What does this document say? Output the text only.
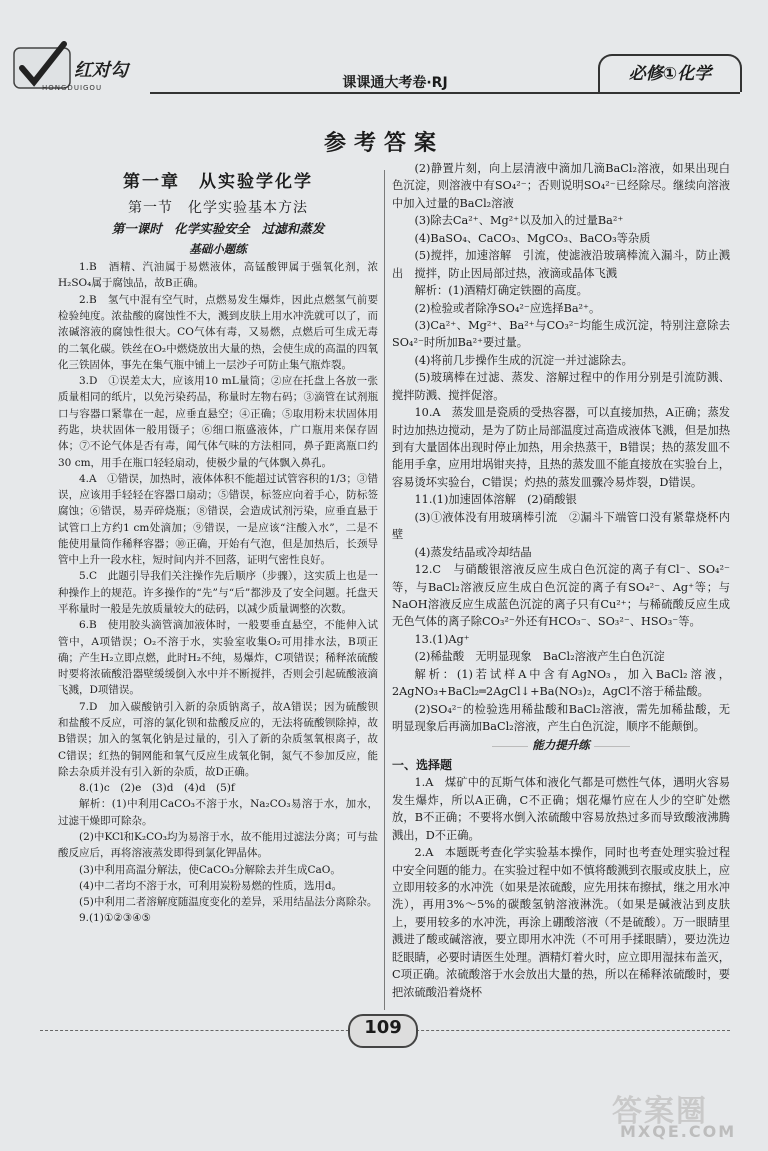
红对勾
HONGDUIGOU	课课通大考卷·RJ	必修①化学
参考答案
第一章　从实验学化学
第一节　化学实验基本方法
第一课时　化学实验安全　过滤和蒸发
基础小题练

1.B　酒精、汽油属于易燃液体，高锰酸钾属于强氧化剂，浓H₂SO₄属于腐蚀品，故B正确。

2.B　氢气中混有空气时，点燃易发生爆炸，因此点燃氢气前要检验纯度。浓盐酸的腐蚀性不大，溅到皮肤上用水冲洗就可以了，而浓碱溶液的腐蚀性很大。CO气体有毒，又易燃，点燃后可生成无毒的二氧化碳。铁丝在O₂中燃烧放出大量的热，会使生成的高温的四氧化三铁固体，事先在集气瓶中铺上一层沙子可防止集气瓶炸裂。

3.D　①误差太大，应该用10 mL量筒；②应在托盘上各放一张质量相同的纸片，以免污染药品，称量时左物右码；③滴管在试剂瓶口与容器口紧靠在一起，应垂直悬空；④正确；⑤取用粉末状固体用药匙，块状固体一般用镊子；⑥细口瓶盛液体，广口瓶用来保存固体；⑦不论气体是否有毒，闻气体气味的方法相同，鼻子距离瓶口约30 cm，用手在瓶口轻轻扇动，使极少量的气体飘入鼻孔。

4.A　①错误，加热时，液体体积不能超过试管容积的1/3；③错误，应该用手轻轻在容器口扇动；⑤错误，标签应向着手心，防标签腐蚀；⑥错误，易弄碎烧瓶；⑧错误，会造成试剂污染，应垂直悬于试管口上方约1 cm处滴加；⑨错误，一是应该“注酸入水”，二是不能使用量筒作稀释容器；⑩正确，开始有气泡，但是加热后，长颈导管中上升一段水柱，短时间内并不回落，证明气密性良好。

5.C　此题引导我们关注操作先后顺序（步骤），这实质上也是一种操作上的规范。许多操作的“先”与“后”都涉及了安全问题。托盘天平称量时一般是先放质量较大的砝码，以减少质量调整的次数。

6.B　使用胶头滴管滴加液体时，一般要垂直悬空，不能伸入试管中，A项错误；O₂不溶于水，实验室收集O₂可用排水法，B项正确；产生H₂立即点燃，此时H₂不纯，易爆炸，C项错误；稀释浓硫酸时要将浓硫酸沿器壁缓缓倒入水中并不断搅拌，否则会引起硫酸液滴飞溅，D项错误。

7.D　加入碳酸钠引入新的杂质钠离子，故A错误；因为硫酸钡和盐酸不反应，可溶的氯化钡和盐酸反应的，无法将硫酸钡除掉，故B错误；加入的氢氧化钠是过量的，引入了新的杂质氢氧根离子，故C错误；红热的铜网能和氧气反应生成氧化铜，氮气不参加反应，能除去杂质并没有引入新的杂质，故D正确。

8.(1)c　(2)e　(3)d　(4)d　(5)f

解析：(1)中利用CaCO₃不溶于水，Na₂CO₃易溶于水，加水，过滤干燥即可除杂。

(2)中KCl和K₂CO₃均为易溶于水，故不能用过滤法分离；可与盐酸反应后，再将溶液蒸发即得到氯化钾晶体。

(3)中利用高温分解法，使CaCO₃分解除去并生成CaO。

(4)中二者均不溶于水，可利用炭粉易燃的性质，选用d。

(5)中利用二者溶解度随温度变化的差异，采用结晶法分离除杂。

9.(1)①②③④⑤

(2)静置片刻，向上层清液中滴加几滴BaCl₂溶液，如果出现白色沉淀，则溶液中有SO₄²⁻；否则说明SO₄²⁻已经除尽。继续向溶液中加入过量的BaCl₂溶液

(3)除去Ca²⁺、Mg²⁺以及加入的过量Ba²⁺

(4)BaSO₄、CaCO₃、MgCO₃、BaCO₃等杂质

(5)搅拌，加速溶解　引流，使滤液沿玻璃棒流入漏斗，防止溅出　搅拌，防止因局部过热，液滴或晶体飞溅

解析：(1)酒精灯确定铁圈的高度。

(2)检验或者除净SO₄²⁻应选择Ba²⁺。

(3)Ca²⁺、Mg²⁺、Ba²⁺与CO₃²⁻均能生成沉淀，特别注意除去SO₄²⁻时所加Ba²⁺要过量。

(4)将前几步操作生成的沉淀一并过滤除去。

(5)玻璃棒在过滤、蒸发、溶解过程中的作用分别是引流防溅、搅拌防溅、搅拌促溶。

10.A　蒸发皿是瓷质的受热容器，可以直接加热，A正确；蒸发时边加热边搅动，是为了防止局部温度过高造成液体飞溅，但是加热到有大量固体出现时停止加热，用余热蒸干，B错误；热的蒸发皿不能用手拿，应用坩埚钳夹持，且热的蒸发皿不能直接放在实验台上，容易烫坏实验台，C错误；灼热的蒸发皿骤冷易炸裂，D错误。

11.(1)加速固体溶解　(2)硝酸银

(3)①液体没有用玻璃棒引流　②漏斗下端管口没有紧靠烧杯内壁

(4)蒸发结晶或冷却结晶

12.C　与硝酸银溶液反应生成白色沉淀的离子有Cl⁻、SO₄²⁻等，与BaCl₂溶液反应生成白色沉淀的离子有SO₄²⁻、Ag⁺等；与NaOH溶液反应生成蓝色沉淀的离子只有Cu²⁺；与稀硫酸反应生成无色气体的离子除CO₃²⁻外还有HCO₃⁻、SO₃²⁻、HSO₃⁻等。

13.(1)Ag⁺

(2)稀盐酸　无明显现象　BaCl₂溶液产生白色沉淀

解析：(1)若试样A中含有AgNO₃，加入BaCl₂溶液，2AgNO₃+BaCl₂═2AgCl↓+Ba(NO₃)₂，AgCl不溶于稀盐酸。

(2)SO₄²⁻的检验选用稀盐酸和BaCl₂溶液，需先加稀盐酸，无明显现象后再滴加BaCl₂溶液，产生白色沉淀，顺序不能颠倒。

能力提升练

一、选择题

1.A　煤矿中的瓦斯气体和液化气都是可燃性气体，遇明火容易发生爆炸，所以A正确，C不正确；烟花爆竹应在人少的空旷处燃放，B不正确；不要将水倒入浓硫酸中容易放热过多而导致酸液沸腾溅出，D不正确。

2.A　本题既考查化学实验基本操作，同时也考查处理实验过程中安全问题的能力。在实验过程中如不慎将酸溅到衣服或皮肤上，应立即用较多的水冲洗（如果是浓硫酸，应先用抹布擦拭，继之用水冲洗），再用3%～5%的碳酸氢钠溶液淋洗。（如果是碱液沾到皮肤上，要用较多的水冲洗，再涂上硼酸溶液（不是硫酸）。万一眼睛里溅进了酸或碱溶液，要立即用水冲洗（不可用手揉眼睛），要边洗边眨眼睛，必要时请医生处理。酒精灯着火时，应立即用湿抹布盖灭，C项正确。浓硫酸溶于水会放出大量的热，所以在稀释浓硫酸时，要把浓硫酸沿着烧杯

109
答案圈
MXQE.COM
